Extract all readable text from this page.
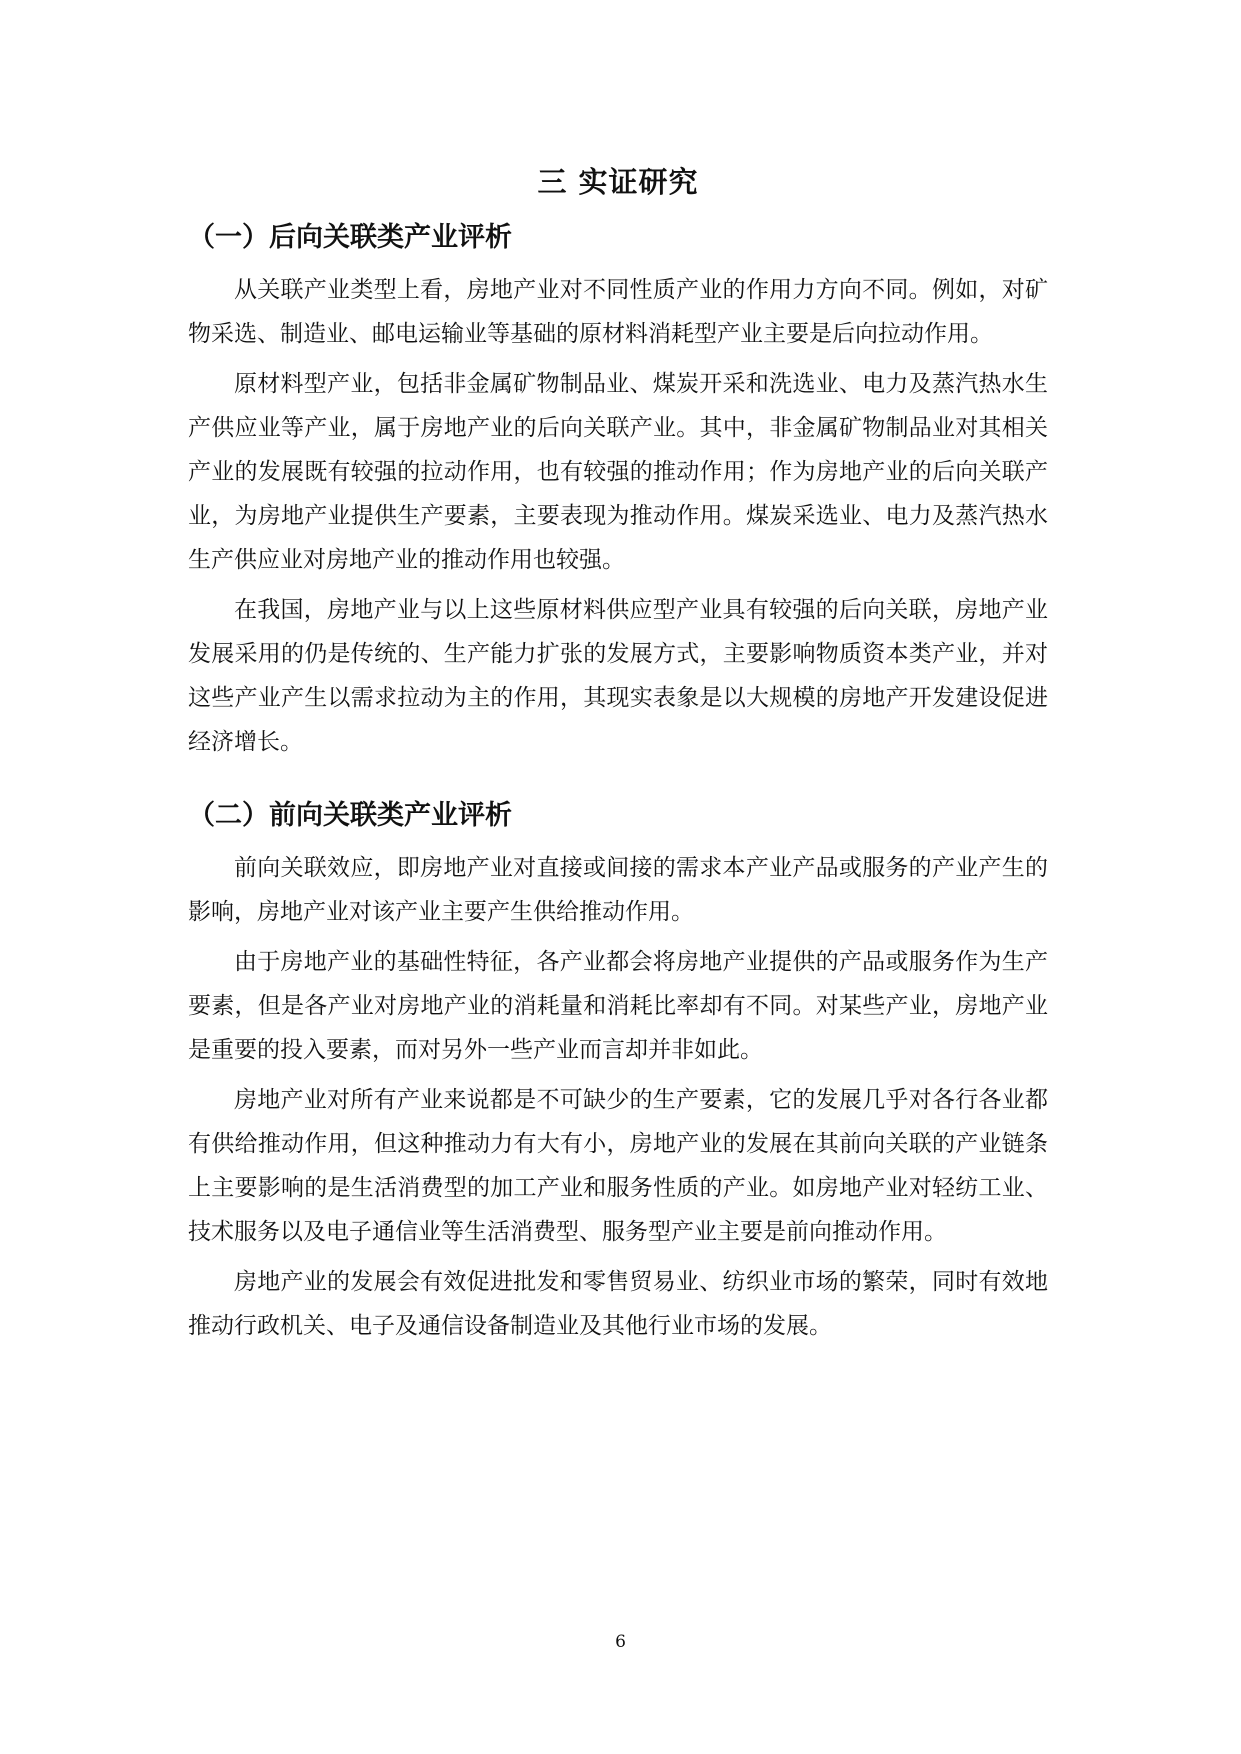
三 实证研究
（一）后向关联类产业评析

从关联产业类型上看，房地产业对不同性质产业的作用力方向不同。例如，对矿物采选、制造业、邮电运输业等基础的原材料消耗型产业主要是后向拉动作用。

原材料型产业，包括非金属矿物制品业、煤炭开采和洗选业、电力及蒸汽热水生产供应业等产业，属于房地产业的后向关联产业。其中，非金属矿物制品业对其相关产业的发展既有较强的拉动作用，也有较强的推动作用；作为房地产业的后向关联产业，为房地产业提供生产要素，主要表现为推动作用。煤炭采选业、电力及蒸汽热水生产供应业对房地产业的推动作用也较强。

在我国，房地产业与以上这些原材料供应型产业具有较强的后向关联，房地产业发展采用的仍是传统的、生产能力扩张的发展方式，主要影响物质资本类产业，并对这些产业产生以需求拉动为主的作用，其现实表象是以大规模的房地产开发建设促进经济增长。

（二）前向关联类产业评析

前向关联效应，即房地产业对直接或间接的需求本产业产品或服务的产业产生的影响，房地产业对该产业主要产生供给推动作用。

由于房地产业的基础性特征，各产业都会将房地产业提供的产品或服务作为生产要素，但是各产业对房地产业的消耗量和消耗比率却有不同。对某些产业，房地产业是重要的投入要素，而对另外一些产业而言却并非如此。

房地产业对所有产业来说都是不可缺少的生产要素，它的发展几乎对各行各业都有供给推动作用，但这种推动力有大有小，房地产业的发展在其前向关联的产业链条上主要影响的是生活消费型的加工产业和服务性质的产业。如房地产业对轻纺工业、技术服务以及电子通信业等生活消费型、服务型产业主要是前向推动作用。

房地产业的发展会有效促进批发和零售贸易业、纺织业市场的繁荣，同时有效地推动行政机关、电子及通信设备制造业及其他行业市场的发展。

6
